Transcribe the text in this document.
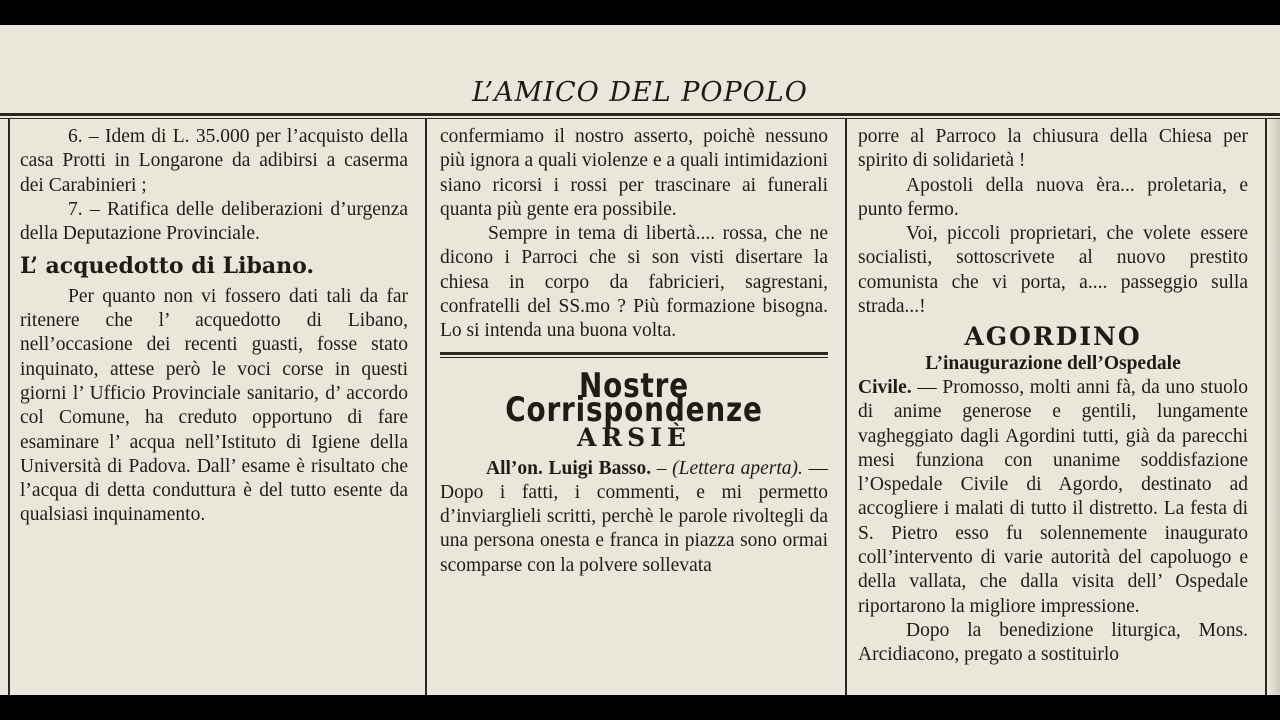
L’AMICO DEL POPOLO

6. – Idem di L. 35.000 per l’acquisto della casa Protti in Longarone da adibirsi a caserma dei Carabinieri ;

7. – Ratifica delle deliberazioni d’urgenza della Deputazione Provinciale.

L’ acquedotto di Libano.

Per quanto non vi fossero dati tali da far ritenere che l’ acquedotto di Libano, nell’occasione dei recenti guasti, fosse stato inquinato, attese però le voci corse in questi giorni l’ Ufficio Provinciale sanitario, d’ accordo col Comune, ha creduto opportuno di fare esaminare l’ acqua nell’Istituto di Igiene della Università di Padova. Dall’ esame è risultato che l’acqua di detta conduttura è del tutto esente da qualsiasi inquinamento.

confermiamo il nostro asserto, poichè nessuno più ignora a quali violenze e a quali intimidazioni siano ricorsi i rossi per trascinare ai funerali quanta più gente era possibile.

Sempre in tema di libertà.... rossa, che ne dicono i Parroci che si son visti disertare la chiesa in corpo da fabricieri, sagrestani, confratelli del SS.mo ? Più formazione bisogna. Lo si intenda una buona volta.

Nostre Corrispondenze

ARSIÈ

All’on. Luigi Basso. – (Lettera aperta). — Dopo i fatti, i commenti, e mi permetto d’inviarglieli scritti, perchè le parole rivoltegli da una persona onesta e franca in piazza sono ormai scomparse con la polvere sollevata

porre al Parroco la chiusura della Chiesa per spirito di solidarietà !

Apostoli della nuova èra... proletaria, e punto fermo.

Voi, piccoli proprietari, che volete essere socialisti, sottoscrivete al nuovo prestito comunista che vi porta, a.... passeggio sulla strada...!

AGORDINO

L’inaugurazione dell’Ospedale

Civile. — Promosso, molti anni fà, da uno stuolo di anime generose e gentili, lungamente vagheggiato dagli Agordini tutti, già da parecchi mesi funziona con unanime soddisfazione l’Ospedale Civile di Agordo, destinato ad accogliere i malati di tutto il distretto. La festa di S. Pietro esso fu solennemente inaugurato coll’intervento di varie autorità del capoluogo e della vallata, che dalla visita dell’ Ospedale riportarono la migliore impressione.

Dopo la benedizione liturgica, Mons. Arcidiacono, pregato a sostituirlo
